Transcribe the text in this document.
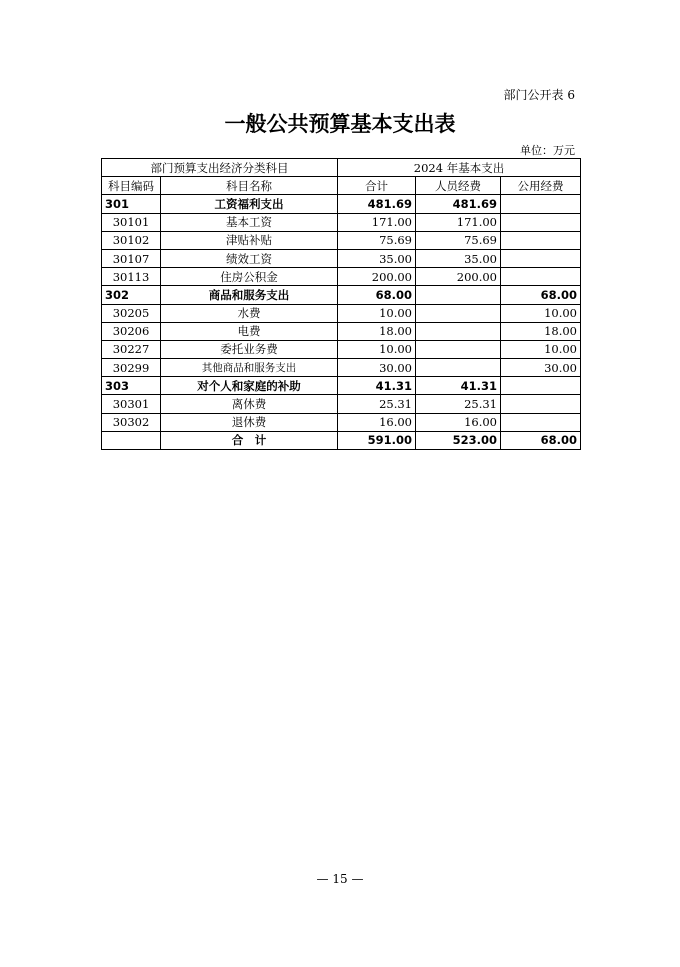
部门公开表 6
一般公共预算基本支出表
单位：万元
部门预算支出经济分类科目		2024 年基本支出		
科目编码	科目名称	合计	人员经费	公用经费
301	工资福利支出	481.69	481.69	
30101	基本工资	171.00	171.00	
30102	津贴补贴	75.69	75.69	
30107	绩效工资	35.00	35.00	
30113	住房公积金	200.00	200.00	
302	商品和服务支出	68.00		68.00
30205	水费	10.00		10.00
30206	电费	18.00		18.00
30227	委托业务费	10.00		10.00
30299	其他商品和服务支出	30.00		30.00
303	对个人和家庭的补助	41.31	41.31	
30301	离休费	25.31	25.31	
30302	退休费	16.00	16.00	
	合　计	591.00	523.00	68.00
— 15 —
